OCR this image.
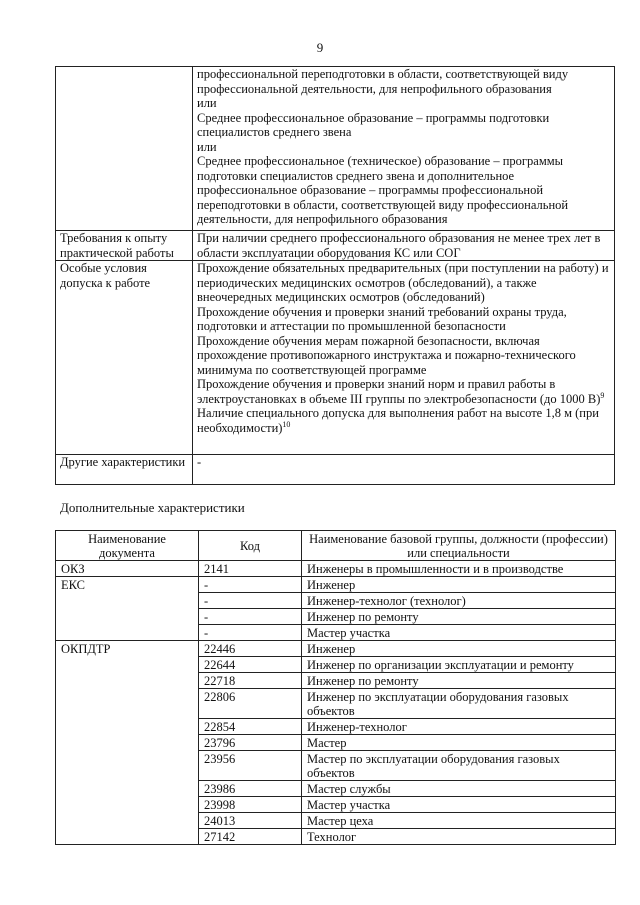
9

	профессиональной переподготовки в области, соответствующей виду профессиональной деятельности, для непрофильного образования

или

Среднее профессиональное образование – программы подготовки специалистов среднего звена

или

Среднее профессиональное (техническое) образование – программы подготовки специалистов среднего звена и дополнительное профессиональное образование – программы профессиональной переподготовки в области, соответствующей виду профессиональной деятельности, для непрофильного образования

Требования к опыту практической работы	При наличии среднего профессионального образования не менее трех лет в области эксплуатации оборудования КС или СОГ

Особые условия допуска к работе	Прохождение обязательных предварительных (при поступлении на работу) и периодических медицинских осмотров (обследований), а также внеочередных медицинских осмотров (обследований)

Прохождение обучения и проверки знаний требований охраны труда, подготовки и аттестации по промышленной безопасности

Прохождение обучения мерам пожарной безопасности, включая прохождение противопожарного инструктажа и пожарно-технического минимума по соответствующей программе

Прохождение обучения и проверки знаний норм и правил работы в электроустановках в объеме III группы по электробезопасности (до 1000 В)$^9$

Наличие специального допуска для выполнения работ на высоте 1,8 м (при необходимости)$^{10}$

Другие характеристики	-

Дополнительные характеристики
Наименование документа	Код	Наименование базовой группы, должности (профессии) или специальности
ОКЗ	2141	Инженеры в промышленности и в производстве
ЕКС	-	Инженер
	-	Инженер-технолог (технолог)
	-	Инженер по ремонту
	-	Мастер участка
ОКПДТР	22446	Инженер
	22644	Инженер по организации эксплуатации и ремонту
	22718	Инженер по ремонту
	22806	Инженер по эксплуатации оборудования газовых объектов
	22854	Инженер-технолог
	23796	Мастер
	23956	Мастер по эксплуатации оборудования газовых объектов
	23986	Мастер службы
	23998	Мастер участка
	24013	Мастер цеха
	27142	Технолог
